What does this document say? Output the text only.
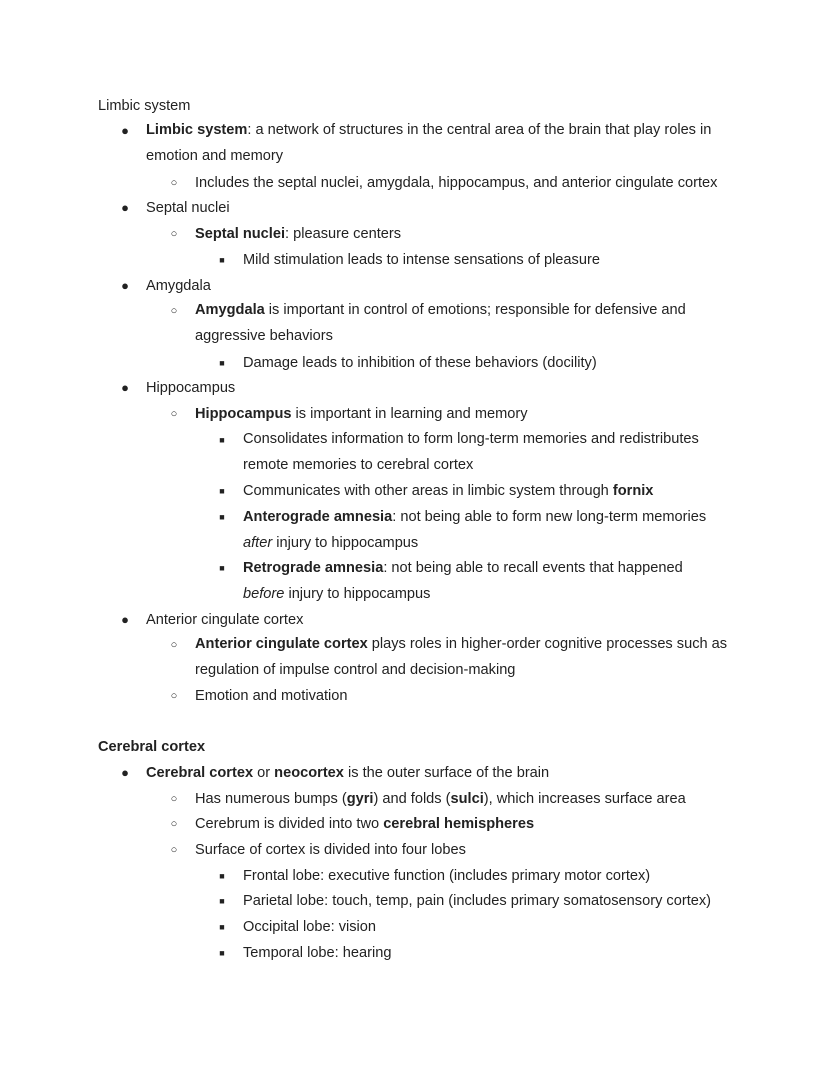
Limbic system
● Limbic system: a network of structures in the central area of the brain that play roles in emotion and memory
○ Includes the septal nuclei, amygdala, hippocampus, and anterior cingulate cortex
● Septal nuclei
○ Septal nuclei: pleasure centers
■ Mild stimulation leads to intense sensations of pleasure
● Amygdala
○ Amygdala is important in control of emotions; responsible for defensive and aggressive behaviors
■ Damage leads to inhibition of these behaviors (docility)
● Hippocampus
○ Hippocampus is important in learning and memory
■ Consolidates information to form long-term memories and redistributes remote memories to cerebral cortex
■ Communicates with other areas in limbic system through fornix
■ Anterograde amnesia: not being able to form new long-term memories
after injury to hippocampus
■ Retrograde amnesia: not being able to recall events that happened
before injury to hippocampus
● Anterior cingulate cortex
○ Anterior cingulate cortex plays roles in higher-order cognitive processes such as regulation of impulse control and decision-making
○ Emotion and motivation
Cerebral cortex
● Cerebral cortex or neocortex is the outer surface of the brain
○ Has numerous bumps (gyri) and folds (sulci), which increases surface area
○ Cerebrum is divided into two cerebral hemispheres
○ Surface of cortex is divided into four lobes
■ Frontal lobe: executive function (includes primary motor cortex)
■ Parietal lobe: touch, temp, pain (includes primary somatosensory cortex)
■ Occipital lobe: vision
■ Temporal lobe: hearing
